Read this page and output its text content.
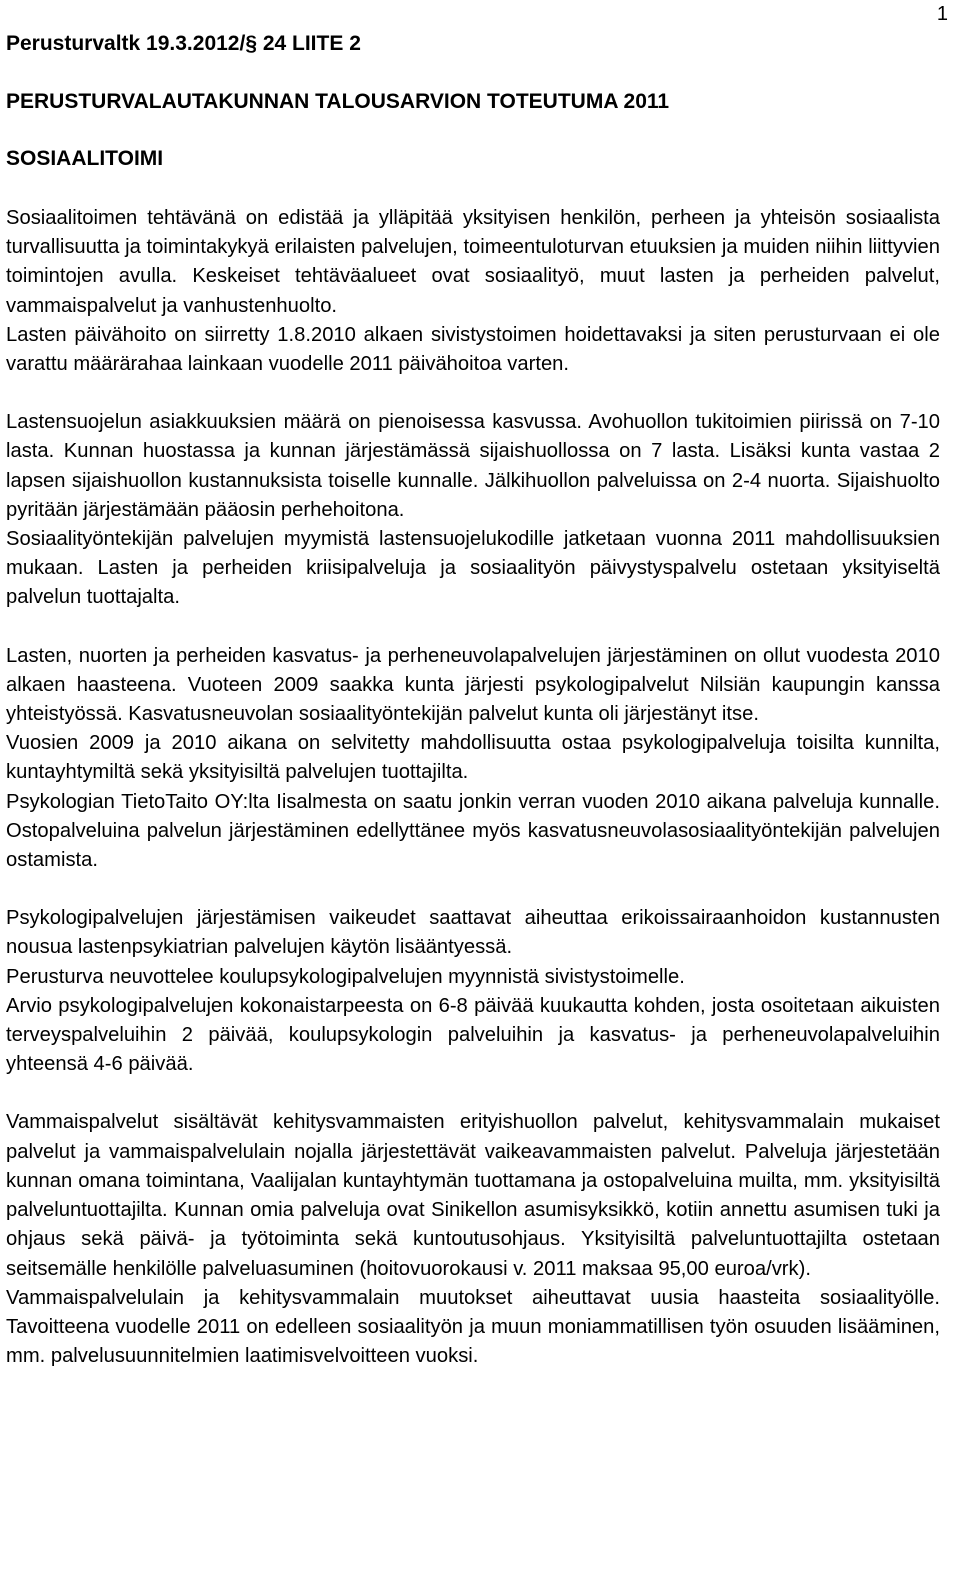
1
Perusturvaltk 19.3.2012/§ 24 LIITE 2
PERUSTURVALAUTAKUNNAN TALOUSARVION TOTEUTUMA 2011
SOSIAALITOIMI

Sosiaalitoimen tehtävänä on edistää ja ylläpitää yksityisen henkilön, perheen ja yhteisön sosiaalista turvallisuutta ja toimintakykyä erilaisten palvelujen, toimeentuloturvan etuuksien ja muiden niihin liittyvien toimintojen avulla. Keskeiset tehtäväalueet ovat sosiaalityö, muut lasten ja perheiden palvelut, vammaispalvelut ja vanhustenhuolto.

Lasten päivähoito on siirretty 1.8.2010 alkaen sivistystoimen hoidettavaksi ja siten perusturvaan ei ole varattu määrärahaa lainkaan vuodelle 2011 päivähoitoa varten.

Lastensuojelun asiakkuuksien määrä on pienoisessa kasvussa. Avohuollon tukitoimien piirissä on 7-10 lasta. Kunnan huostassa ja kunnan järjestämässä sijaishuollossa on 7 lasta. Lisäksi kunta vastaa 2 lapsen sijaishuollon kustannuksista toiselle kunnalle. Jälkihuollon palveluissa on 2-4 nuorta. Sijaishuolto pyritään järjestämään pääosin perhehoitona.

Sosiaalityöntekijän palvelujen myymistä lastensuojelukodille jatketaan vuonna 2011 mahdollisuuksien mukaan. Lasten ja perheiden kriisipalveluja ja sosiaalityön päivystyspalvelu ostetaan yksityiseltä palvelun tuottajalta.

Lasten, nuorten ja perheiden kasvatus- ja perheneuvolapalvelujen järjestäminen on ollut vuodesta 2010 alkaen haasteena. Vuoteen 2009 saakka kunta järjesti psykologipalvelut Nilsiän kaupungin kanssa yhteistyössä. Kasvatusneuvolan sosiaalityöntekijän palvelut kunta oli järjestänyt itse.

Vuosien 2009 ja 2010 aikana on selvitetty mahdollisuutta ostaa psykologipalveluja toisilta kunnilta, kuntayhtymiltä sekä yksityisiltä palvelujen tuottajilta.

Psykologian TietoTaito OY:lta Iisalmesta on saatu jonkin verran vuoden 2010 aikana palveluja kunnalle. Ostopalveluina palvelun järjestäminen edellyttänee myös kasvatusneuvolasosiaalityöntekijän palvelujen ostamista.

Psykologipalvelujen järjestämisen vaikeudet saattavat aiheuttaa erikoissairaanhoidon kustannusten nousua lastenpsykiatrian palvelujen käytön lisääntyessä.

Perusturva neuvottelee koulupsykologipalvelujen myynnistä sivistystoimelle.

Arvio psykologipalvelujen kokonaistarpeesta on 6-8 päivää kuukautta kohden, josta osoitetaan aikuisten terveyspalveluihin 2 päivää, koulupsykologin palveluihin ja kasvatus- ja perheneuvolapalveluihin yhteensä 4-6 päivää.

Vammaispalvelut sisältävät kehitysvammaisten erityishuollon palvelut, kehitysvammalain mukaiset palvelut ja vammaispalvelulain nojalla järjestettävät vaikeavammaisten palvelut. Palveluja järjestetään kunnan omana toimintana, Vaalijalan kuntayhtymän tuottamana ja ostopalveluina muilta, mm. yksityisiltä palveluntuottajilta. Kunnan omia palveluja ovat Sinikellon asumisyksikkö, kotiin annettu asumisen tuki ja ohjaus sekä päivä- ja työtoiminta sekä kuntoutusohjaus. Yksityisiltä palveluntuottajilta ostetaan seitsemälle henkilölle palveluasuminen (hoitovuorokausi v. 2011 maksaa 95,00 euroa/vrk).

Vammaispalvelulain ja kehitysvammalain muutokset aiheuttavat uusia haasteita sosiaalityölle. Tavoitteena vuodelle 2011 on edelleen sosiaalityön ja muun moniammatillisen työn osuuden lisääminen, mm. palvelusuunnitelmien laatimisvelvoitteen vuoksi.
